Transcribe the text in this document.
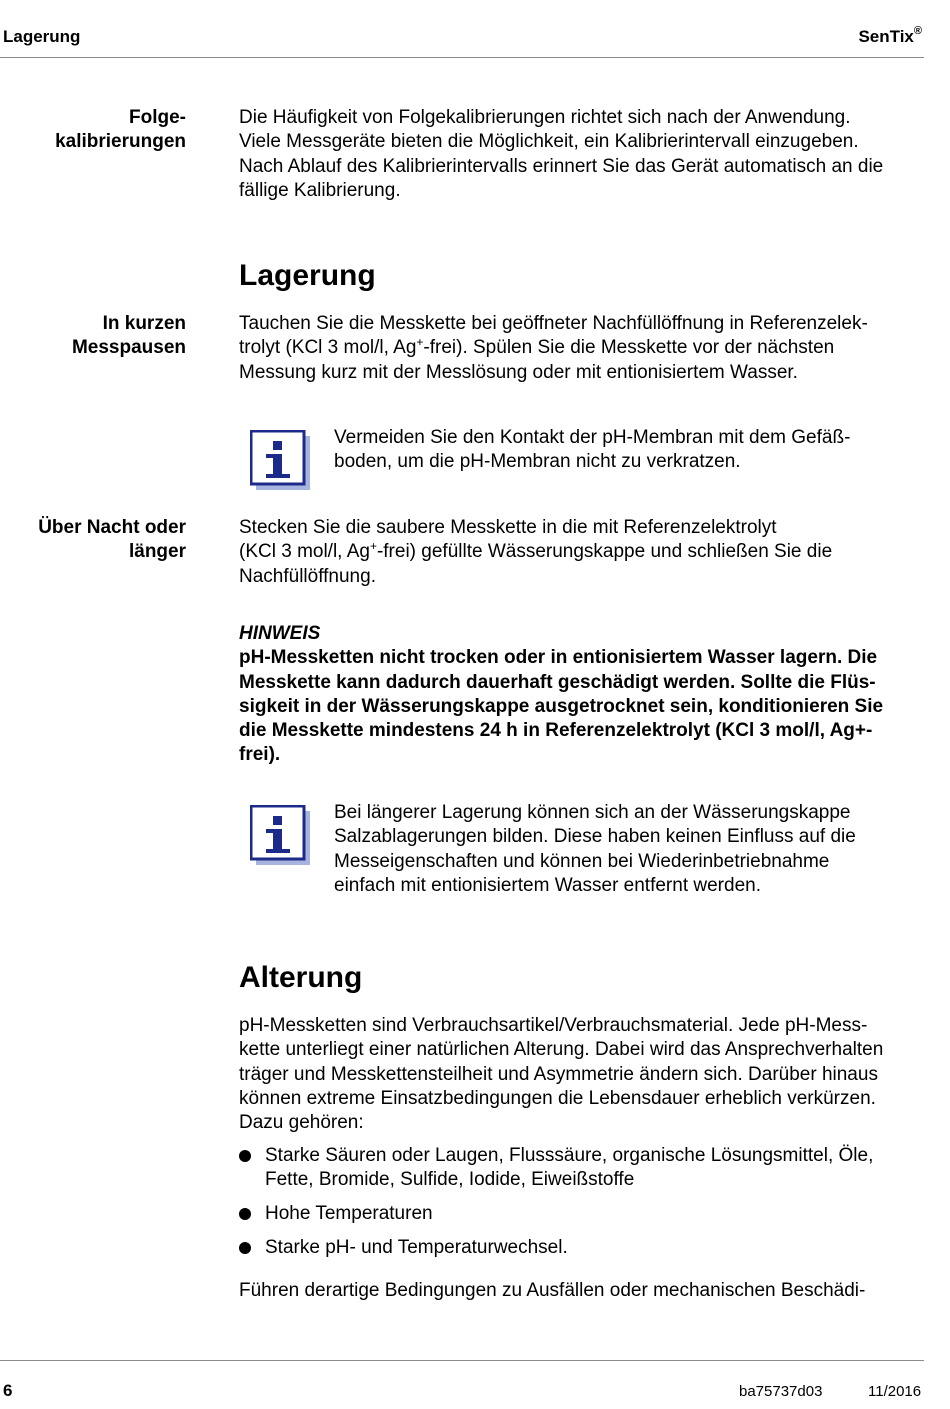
Lagerung	SenTix®
Folge-
kalibrierungen
Die Häufigkeit von Folgekalibrierungen richtet sich nach der Anwendung.
Viele Messgeräte bieten die Möglichkeit, ein Kalibrierintervall einzugeben.
Nach Ablauf des Kalibrierintervalls erinnert Sie das Gerät automatisch an die
fällige Kalibrierung.
Lagerung
In kurzen
Messpausen
Tauchen Sie die Messkette bei geöffneter Nachfüllöffnung in Referenzelek-
trolyt (KCl 3 mol/l, Ag+-frei). Spülen Sie die Messkette vor der nächsten
Messung kurz mit der Messlösung oder mit entionisiertem Wasser.
Vermeiden Sie den Kontakt der pH-Membran mit dem Gefäß-
boden, um die pH-Membran nicht zu verkratzen.
Über Nacht oder
länger
Stecken Sie die saubere Messkette in die mit Referenzelektrolyt
(KCl 3 mol/l, Ag+-frei) gefüllte Wässerungskappe und schließen Sie die
Nachfüllöffnung.
HINWEIS
pH-Messketten nicht trocken oder in entionisiertem Wasser lagern. Die
Messkette kann dadurch dauerhaft geschädigt werden. Sollte die Flüs-
sigkeit in der Wässerungskappe ausgetrocknet sein, konditionieren Sie
die Messkette mindestens 24 h in Referenzelektrolyt (KCl 3 mol/l, Ag+-
frei).
Bei längerer Lagerung können sich an der Wässerungskappe
Salzablagerungen bilden. Diese haben keinen Einfluss auf die
Messeigenschaften und können bei Wiederinbetriebnahme
einfach mit entionisiertem Wasser entfernt werden.
Alterung
pH-Messketten sind Verbrauchsartikel/Verbrauchsmaterial. Jede pH-Mess-
kette unterliegt einer natürlichen Alterung. Dabei wird das Ansprechverhalten
träger und Messkettensteilheit und Asymmetrie ändern sich. Darüber hinaus
können extreme Einsatzbedingungen die Lebensdauer erheblich verkürzen.
Dazu gehören:
Starke Säuren oder Laugen, Flusssäure, organische Lösungsmittel, Öle,
Fette, Bromide, Sulfide, Iodide, Eiweißstoffe
Hohe Temperaturen
Starke pH- und Temperaturwechsel.
Führen derartige Bedingungen zu Ausfällen oder mechanischen Beschädi-
6	ba75737d03	11/2016
